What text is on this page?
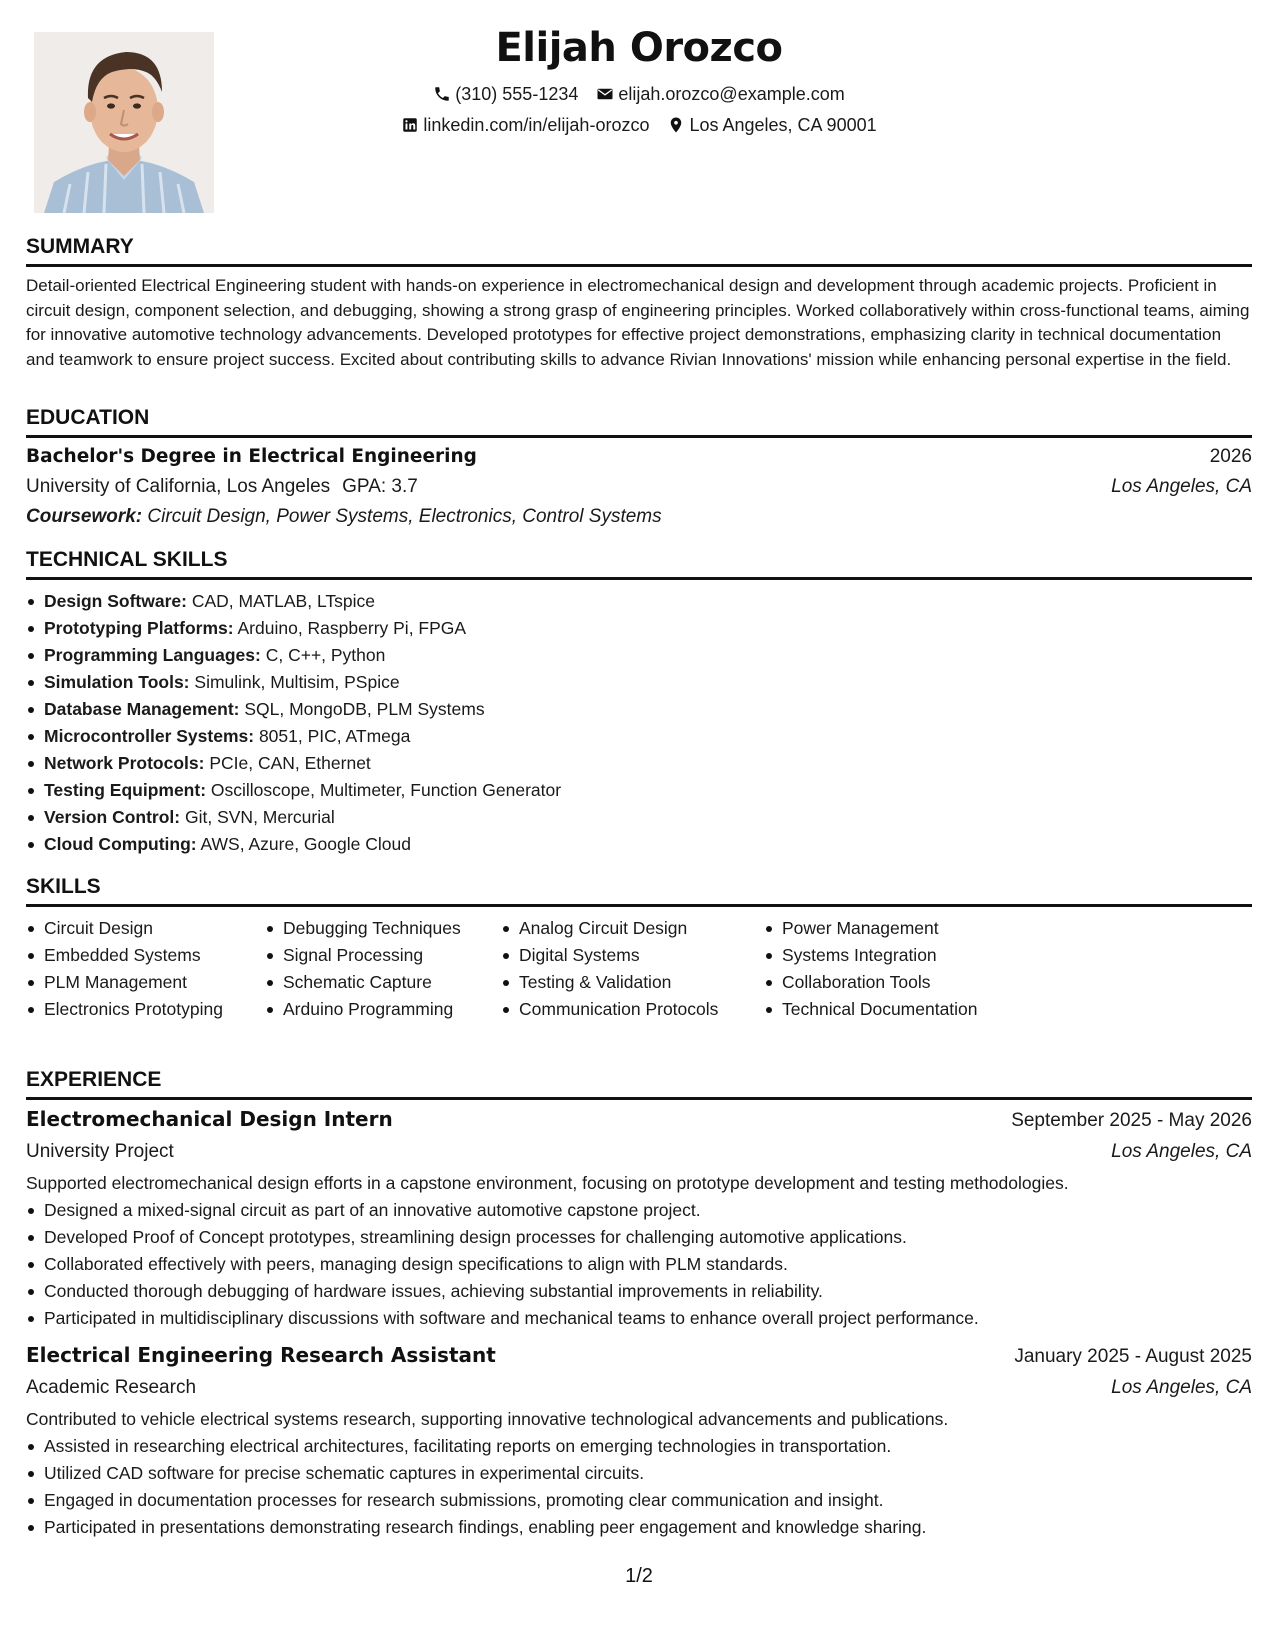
Elijah Orozco
(310) 555-1234 elijah.orozco@example.com
linkedin.com/in/elijah-orozco Los Angeles, CA 90001
SUMMARY
Detail-oriented Electrical Engineering student with hands-on experience in electromechanical design and development through academic projects. Proficient in circuit design, component selection, and debugging, showing a strong grasp of engineering principles. Worked collaboratively within cross-functional teams, aiming for innovative automotive technology advancements. Developed prototypes for effective project demonstrations, emphasizing clarity in technical documentation and teamwork to ensure project success. Excited about contributing skills to advance Rivian Innovations' mission while enhancing personal expertise in the field.
EDUCATION
Bachelor's Degree in Electrical Engineering	2026
University of California, Los Angeles GPA: 3.7	Los Angeles, CA
Coursework: Circuit Design, Power Systems, Electronics, Control Systems
TECHNICAL SKILLS
Design Software: CAD, MATLAB, LTspice
Prototyping Platforms: Arduino, Raspberry Pi, FPGA
Programming Languages: C, C++, Python
Simulation Tools: Simulink, Multisim, PSpice
Database Management: SQL, MongoDB, PLM Systems
Microcontroller Systems: 8051, PIC, ATmega
Network Protocols: PCIe, CAN, Ethernet
Testing Equipment: Oscilloscope, Multimeter, Function Generator
Version Control: Git, SVN, Mercurial
Cloud Computing: AWS, Azure, Google Cloud
SKILLS
Circuit Design
Embedded Systems
PLM Management
Electronics Prototyping
Debugging Techniques
Signal Processing
Schematic Capture
Arduino Programming
Analog Circuit Design
Digital Systems
Testing & Validation
Communication Protocols
Power Management
Systems Integration
Collaboration Tools
Technical Documentation
EXPERIENCE
Electromechanical Design Intern	September 2025 - May 2026
University Project	Los Angeles, CA
Supported electromechanical design efforts in a capstone environment, focusing on prototype development and testing methodologies.
Designed a mixed-signal circuit as part of an innovative automotive capstone project.
Developed Proof of Concept prototypes, streamlining design processes for challenging automotive applications.
Collaborated effectively with peers, managing design specifications to align with PLM standards.
Conducted thorough debugging of hardware issues, achieving substantial improvements in reliability.
Participated in multidisciplinary discussions with software and mechanical teams to enhance overall project performance.
Electrical Engineering Research Assistant	January 2025 - August 2025
Academic Research	Los Angeles, CA
Contributed to vehicle electrical systems research, supporting innovative technological advancements and publications.
Assisted in researching electrical architectures, facilitating reports on emerging technologies in transportation.
Utilized CAD software for precise schematic captures in experimental circuits.
Engaged in documentation processes for research submissions, promoting clear communication and insight.
Participated in presentations demonstrating research findings, enabling peer engagement and knowledge sharing.
1/2
